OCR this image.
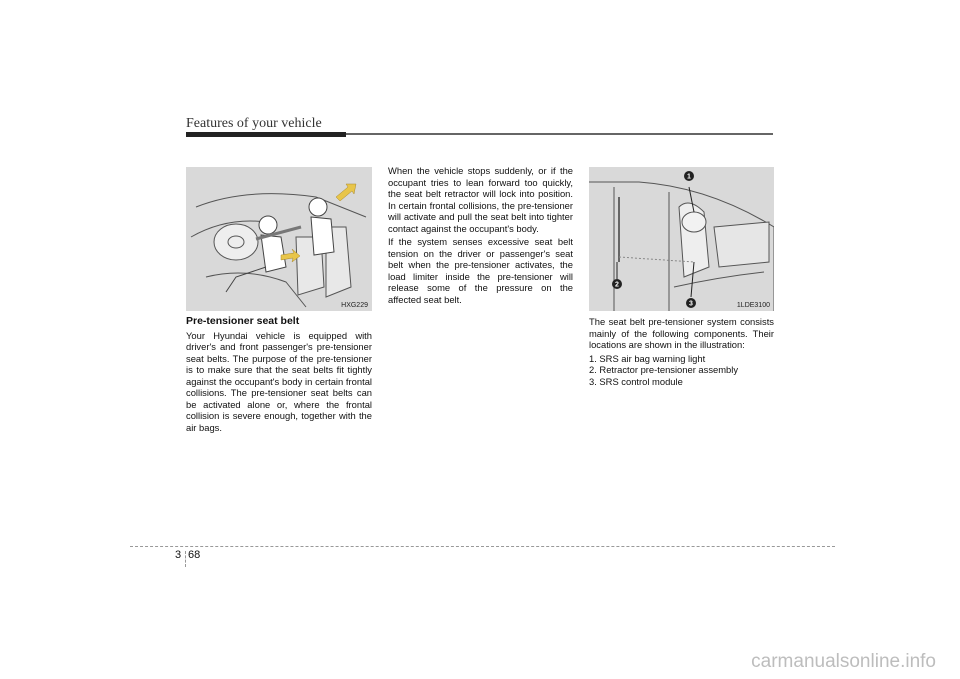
Features of your vehicle
HXG229
1
2
3	1LDE3100
Pre-tensioner seat belt

Your Hyundai vehicle is equipped with driver's and front passenger's pre-tensioner seat belts. The purpose of the pre-tensioner is to make sure that the seat belts fit tightly against the occupant's body in certain frontal collisions. The pre-tensioner seat belts can be activated alone or, where the frontal collision is severe enough, together with the air bags.

When the vehicle stops suddenly, or if the occupant tries to lean forward too quickly, the seat belt retractor will lock into position. In certain frontal collisions, the pre-tensioner will activate and pull the seat belt into tighter contact against the occupant's body.

If the system senses excessive seat belt tension on the driver or passenger's seat belt when the pre-tensioner activates, the load limiter inside the pre-tensioner will release some of the pressure on the affected seat belt.

The seat belt pre-tensioner system consists mainly of the following components. Their locations are shown in the illustration:

1. SRS air bag warning light
2. Retractor pre-tensioner assembly
3. SRS control module
3 68
carmanualsonline.info
